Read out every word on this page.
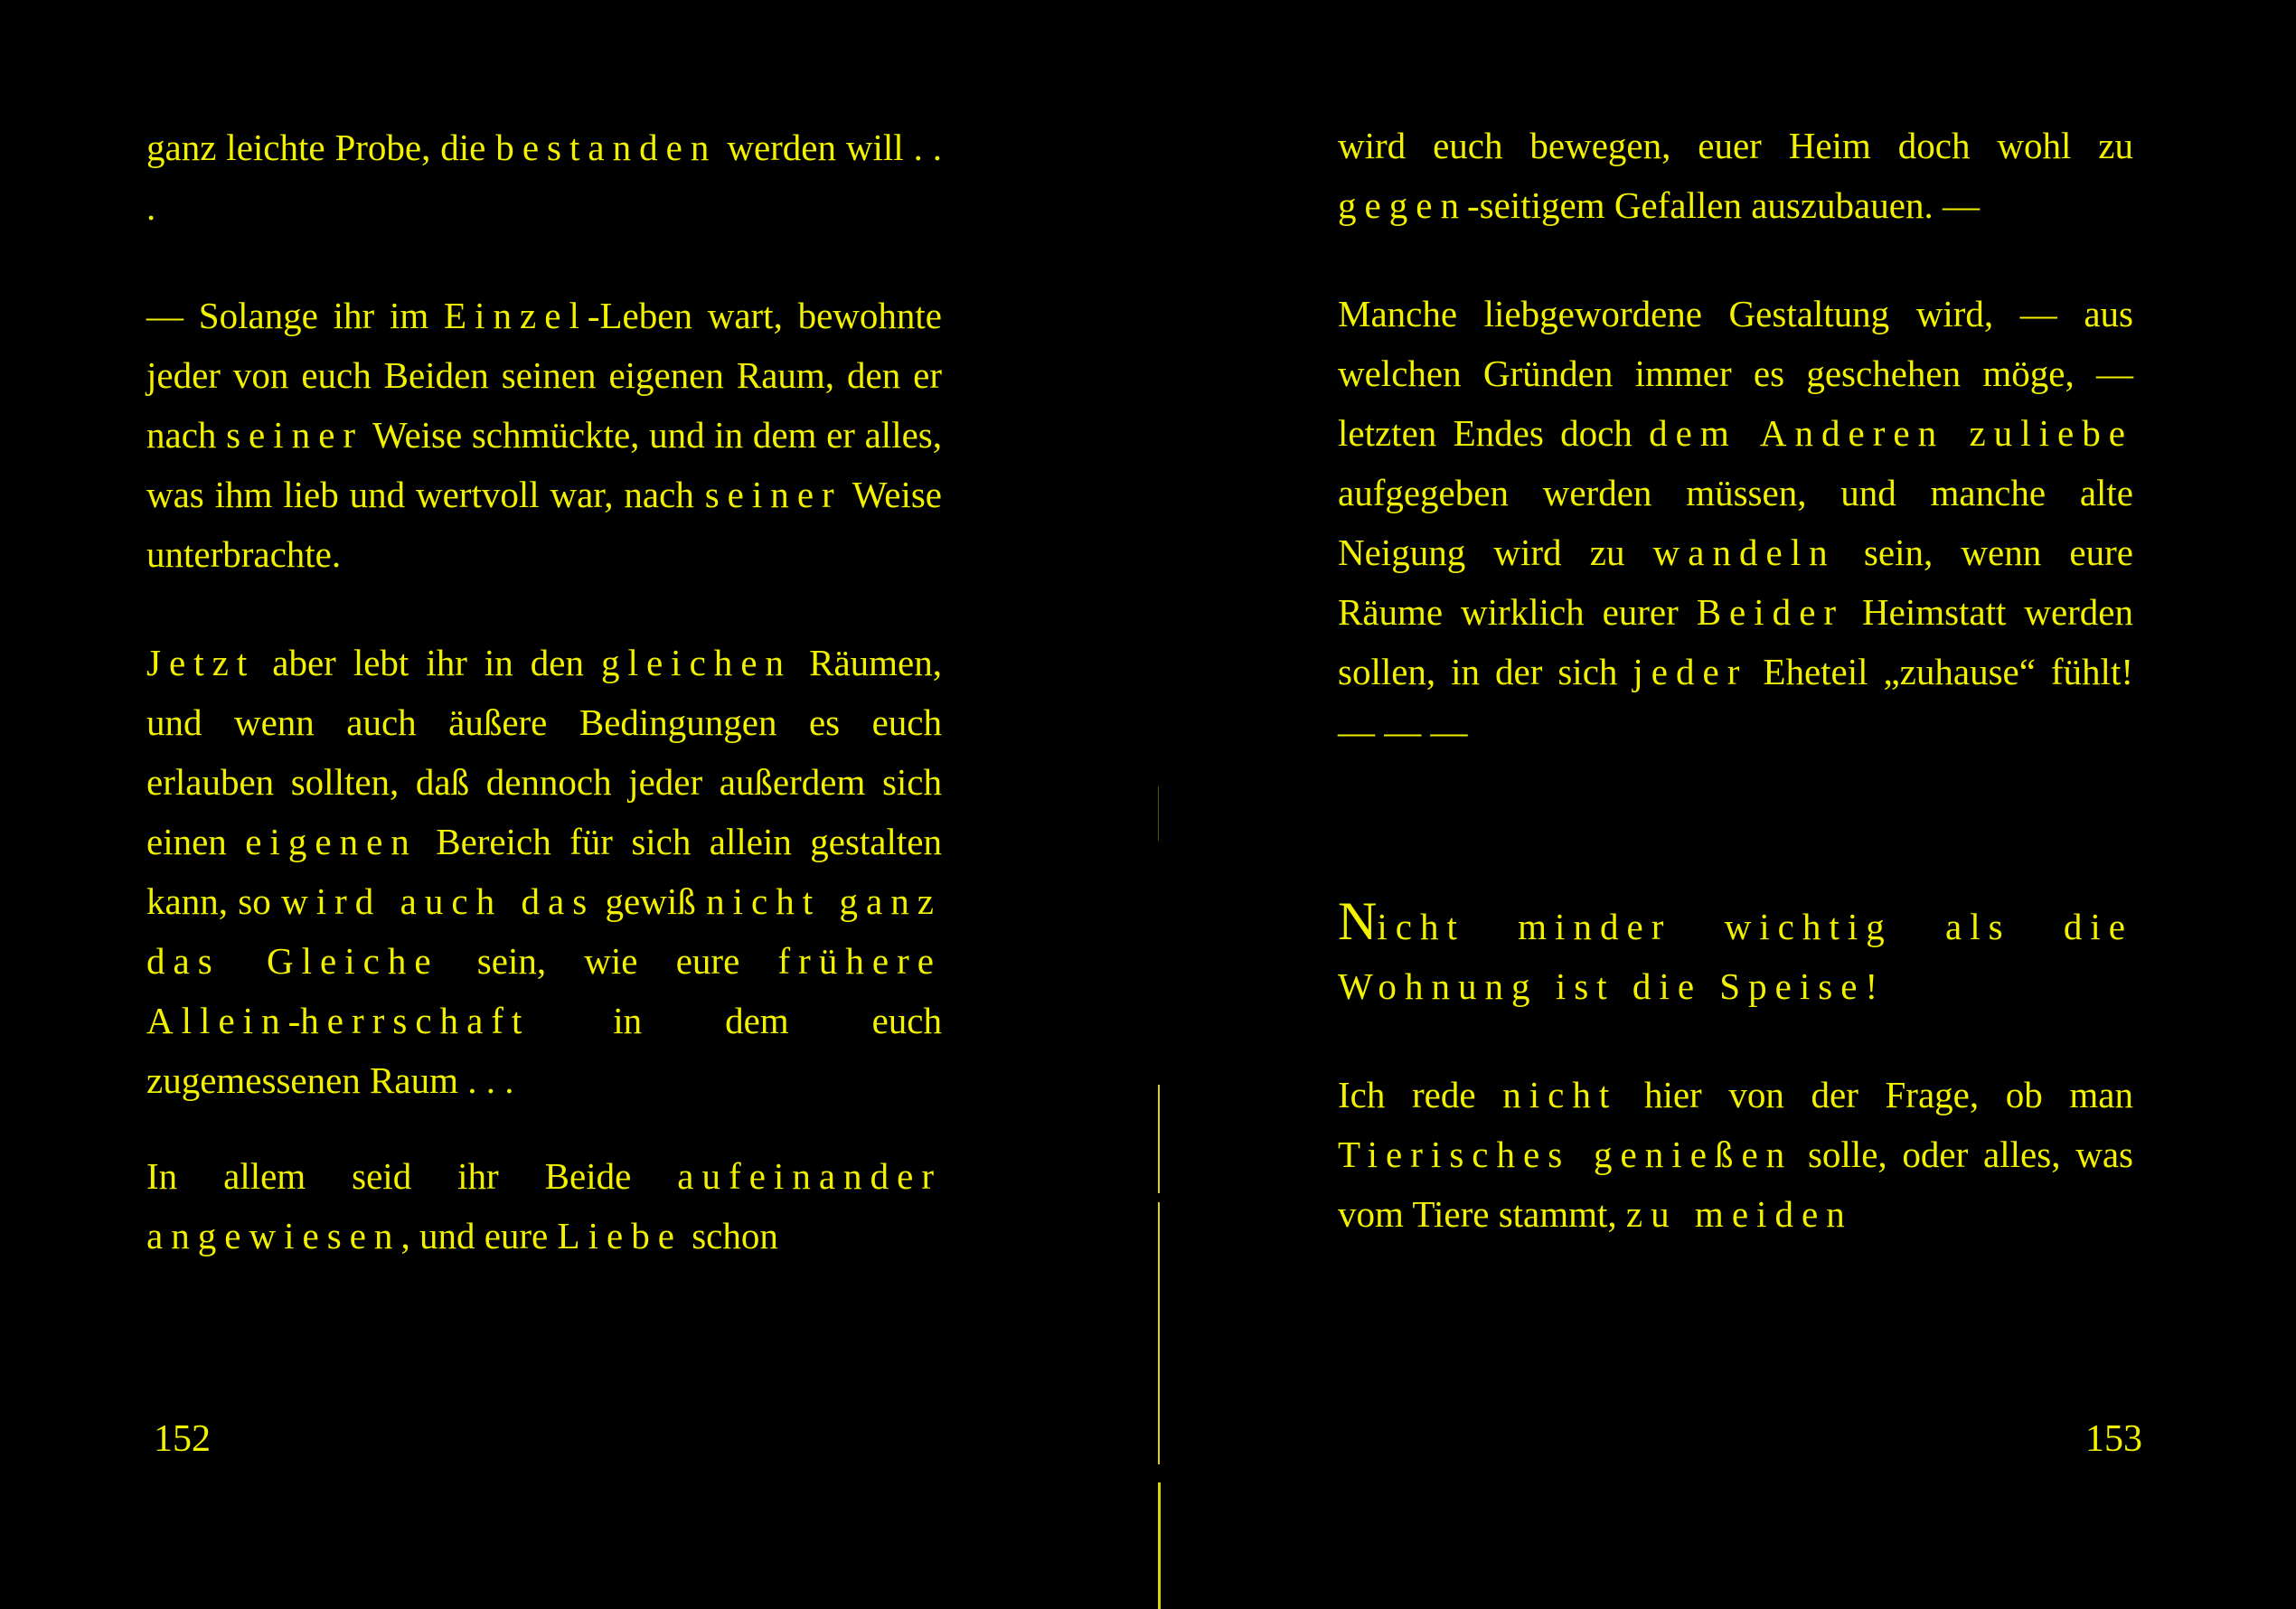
ganz leichte Probe, die bestanden werden will . . .

— Solange ihr im Einzel-Leben wart, bewohnte jeder von euch Beiden seinen eigenen Raum, den er nach seiner Weise schmückte, und in dem er alles, was ihm lieb und wertvoll war, nach seiner Weise unterbrachte.

Jetzt aber lebt ihr in den gleichen Räumen, und wenn auch äußere Bedingungen es euch erlauben sollten, daß dennoch jeder außerdem sich einen eigenen Bereich für sich allein gestalten kann, so wird auch das gewiß nicht ganz das Gleiche sein, wie eure frühere Allein-herrschaft in dem euch zugemessenen Raum . . .

In allem seid ihr Beide aufeinander angewiesen, und eure Liebe schon

152

wird euch bewegen, euer Heim doch wohl zu gegen-seitigem Gefallen auszubauen. —

Manche liebgewordene Gestaltung wird, — aus welchen Gründen immer es geschehen möge, — letzten Endes doch dem Anderen zuliebe aufgegeben werden müssen, und manche alte Neigung wird zu wandeln sein, wenn eure Räume wirklich eurer Beider Heimstatt werden sollen, in der sich jeder Eheteil „zuhause“ fühlt! — — —

Nicht minder wichtig als die Wohnung ist die Speise!

Ich rede nicht hier von der Frage, ob man Tierisches genießen solle, oder alles, was vom Tiere stammt, zu meiden

153
